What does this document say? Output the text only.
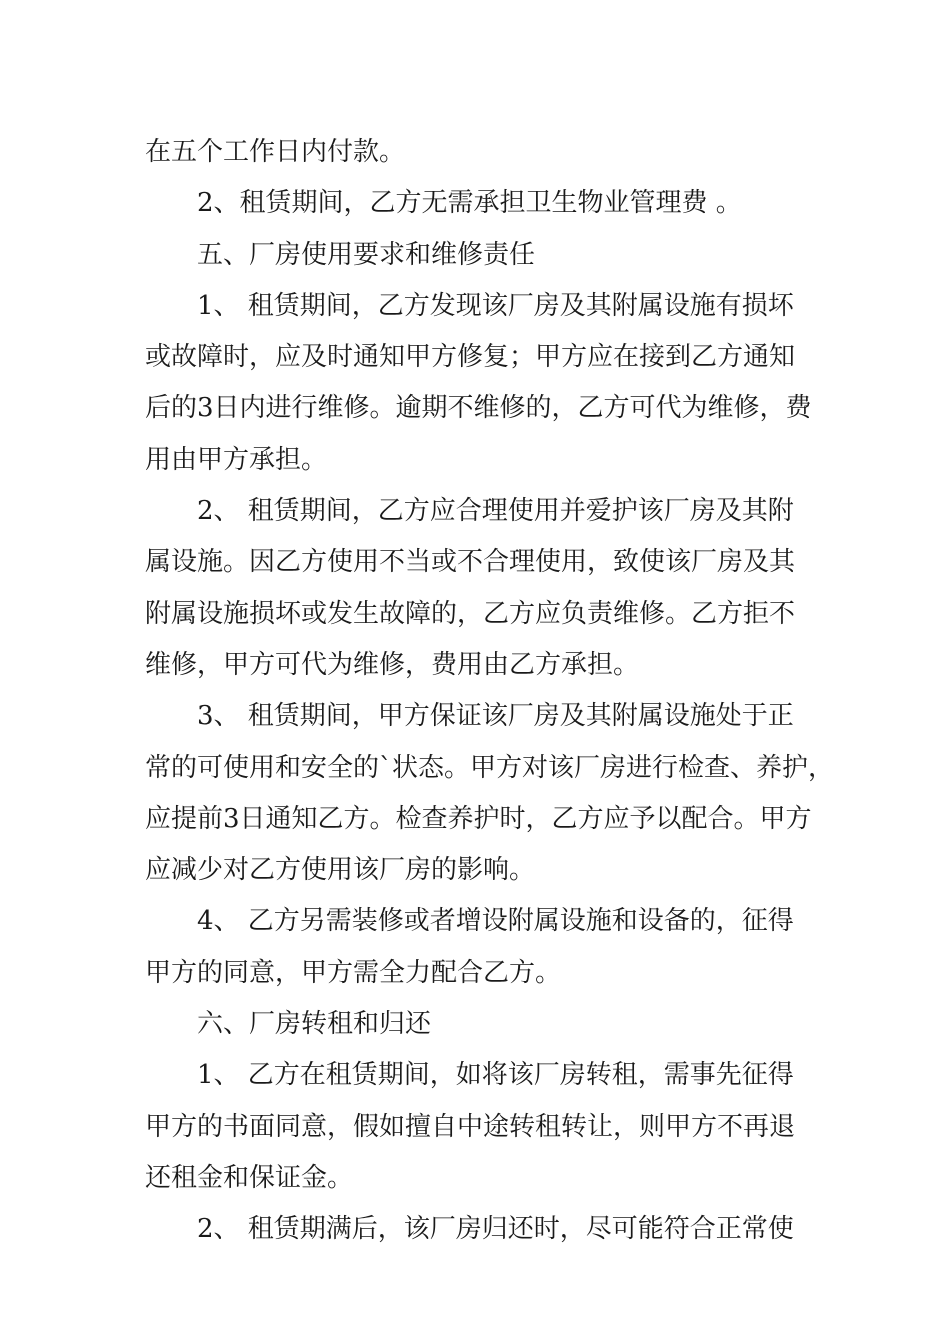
在五个工作日内付款。
2、租赁期间，乙方无需承担卫生物业管理费 。
五、厂房使用要求和维修责任
1、 租赁期间，乙方发现该厂房及其附属设施有损坏
或故障时，应及时通知甲方修复；甲方应在接到乙方通知
后的3日内进行维修。逾期不维修的，乙方可代为维修，费
用由甲方承担。
2、 租赁期间，乙方应合理使用并爱护该厂房及其附
属设施。因乙方使用不当或不合理使用，致使该厂房及其
附属设施损坏或发生故障的，乙方应负责维修。乙方拒不
维修，甲方可代为维修，费用由乙方承担。
3、 租赁期间，甲方保证该厂房及其附属设施处于正
常的可使用和安全的`状态。甲方对该厂房进行检查、养护，
应提前3日通知乙方。检查养护时，乙方应予以配合。甲方
应减少对乙方使用该厂房的影响。
4、 乙方另需装修或者增设附属设施和设备的，征得
甲方的同意，甲方需全力配合乙方。
六、厂房转租和归还
1、 乙方在租赁期间，如将该厂房转租，需事先征得
甲方的书面同意，假如擅自中途转租转让，则甲方不再退
还租金和保证金。
2、 租赁期满后，该厂房归还时，尽可能符合正常使
